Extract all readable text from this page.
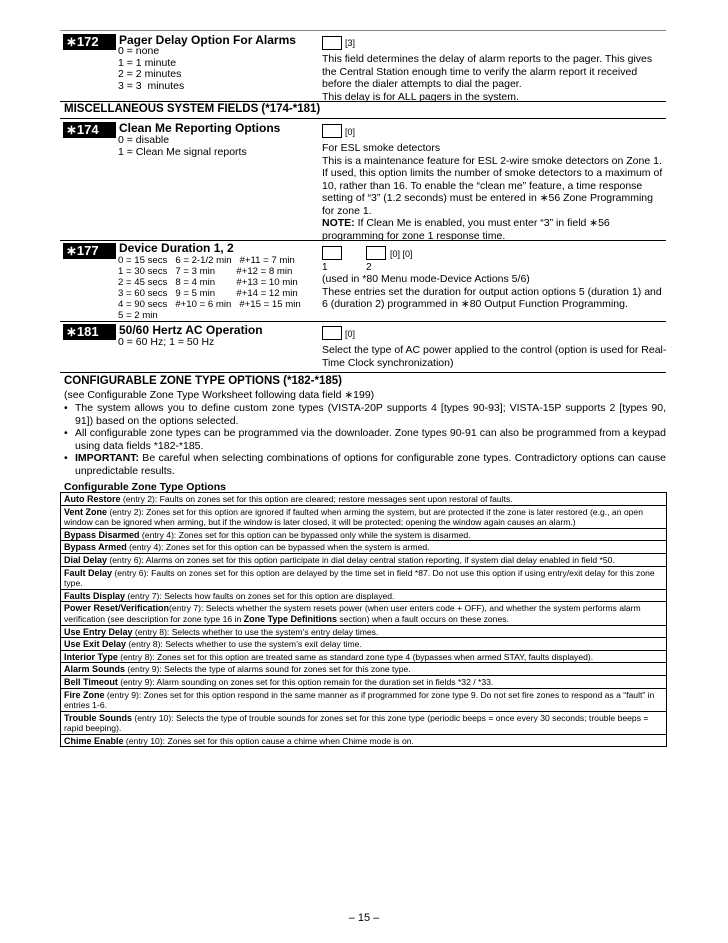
∗172	Pager Delay Option For Alarms
0 = none
1 = 1 minute
2 = 2 minutes
3 = 3  minutes
[3]

This field determines the delay of alarm reports to the pager. This gives the Central Station enough time to verify the alarm report it received before the dialer attempts to dial the pager.

This delay is for ALL pagers in the system.

MISCELLANEOUS SYSTEM FIELDS (*174-*181)
∗174	Clean Me Reporting Options
0 = disable
1 = Clean Me signal reports
[0]

For ESL smoke detectors

This is a maintenance feature for ESL 2-wire smoke detectors on Zone 1. If used, this option limits the number of smoke detectors to a maximum of 10, rather than 16. To enable the “clean me” feature, a time response setting of “3” (1.2 seconds) must be entered in ∗56 Zone Programming for zone 1.

NOTE: If Clean Me is enabled, you must enter “3” in field ∗56 programming for zone 1 response time.

∗177	Device Duration 1, 2
0 = 15 secs   6 = 2-1/2 min   #+11 = 7 min
1 = 30 secs   7 = 3 min        #+12 = 8 min
2 = 45 secs   8 = 4 min        #+13 = 10 min
3 = 60 secs   9 = 5 min        #+14 = 12 min
4 = 90 secs   #+10 = 6 min   #+15 = 15 min
5 = 2 min
[0] [0]
1	2

(used in *80 Menu mode-Device Actions 5/6)

These entries set the duration for output action options 5 (duration 1) and 6 (duration 2) programmed in ∗80 Output Function Programming.

∗181	50/60 Hertz AC Operation
0 = 60 Hz; 1 = 50 Hz
[0]

Select the type of AC power applied to the control (option is used for Real-Time Clock synchronization)

CONFIGURABLE ZONE TYPE OPTIONS (*182-*185)
(see Configurable Zone Type Worksheet following data field ∗199)
• The system allows you to define custom zone types (VISTA-20P supports 4 [types 90-93]; VISTA-15P supports 2 [types 90, 91]) based on the options selected.
• All configurable zone types can be programmed via the downloader. Zone types 90-91 can also be programmed from a keypad using data fields *182-*185.
• IMPORTANT: Be careful when selecting combinations of options for configurable zone types. Contradictory options can cause unpredictable results.
Configurable Zone Type Options
Auto Restore (entry 2): Faults on zones set for this option are cleared; restore messages sent upon restoral of faults.
Vent Zone (entry 2): Zones set for this option are ignored if faulted when arming the system, but are protected if the zone is later restored (e.g., an open window can be ignored when arming, but if the window is later closed, it will be protected; opening the window again causes an alarm.)
Bypass Disarmed (entry 4): Zones set for this option can be bypassed only while the system is disarmed.
Bypass Armed (entry 4): Zones set for this option can be bypassed when the system is armed.
Dial Delay (entry 6): Alarms on zones set for this option participate in dial delay central station reporting, if system dial delay enabled in field *50.
Fault Delay (entry 6): Faults on zones set for this option are delayed by the time set in field *87. Do not use this option if using entry/exit delay for this zone type.
Faults Display (entry 7): Selects how faults on zones set for this option are displayed.
Power Reset/Verification(entry 7): Selects whether the system resets power (when user enters code + OFF), and whether the system performs alarm verification (see description for zone type 16 in Zone Type Definitions section) when a fault occurs on these zones.
Use Entry Delay (entry 8): Selects whether to use the system’s entry delay times.
Use Exit Delay (entry 8): Selects whether to use the system’s exit delay time.
Interior Type (entry 8): Zones set for this option are treated same as standard zone type 4 (bypasses when armed STAY, faults displayed).
Alarm Sounds (entry 9): Selects the type of alarms sound for zones set for this zone type.
Bell Timeout (entry 9): Alarm sounding on zones set for this option remain for the duration set in fields *32 / *33.
Fire Zone (entry 9): Zones set for this option respond in the same manner as if programmed for zone type 9. Do not set fire zones to respond as a “fault” in entries 1-6.
Trouble Sounds (entry 10): Selects the type of trouble sounds for zones set for this zone type (periodic beeps = once every 30 seconds; trouble beeps = rapid beeping).
Chime Enable (entry 10): Zones set for this option cause a chime when Chime mode is on.
– 15 –
